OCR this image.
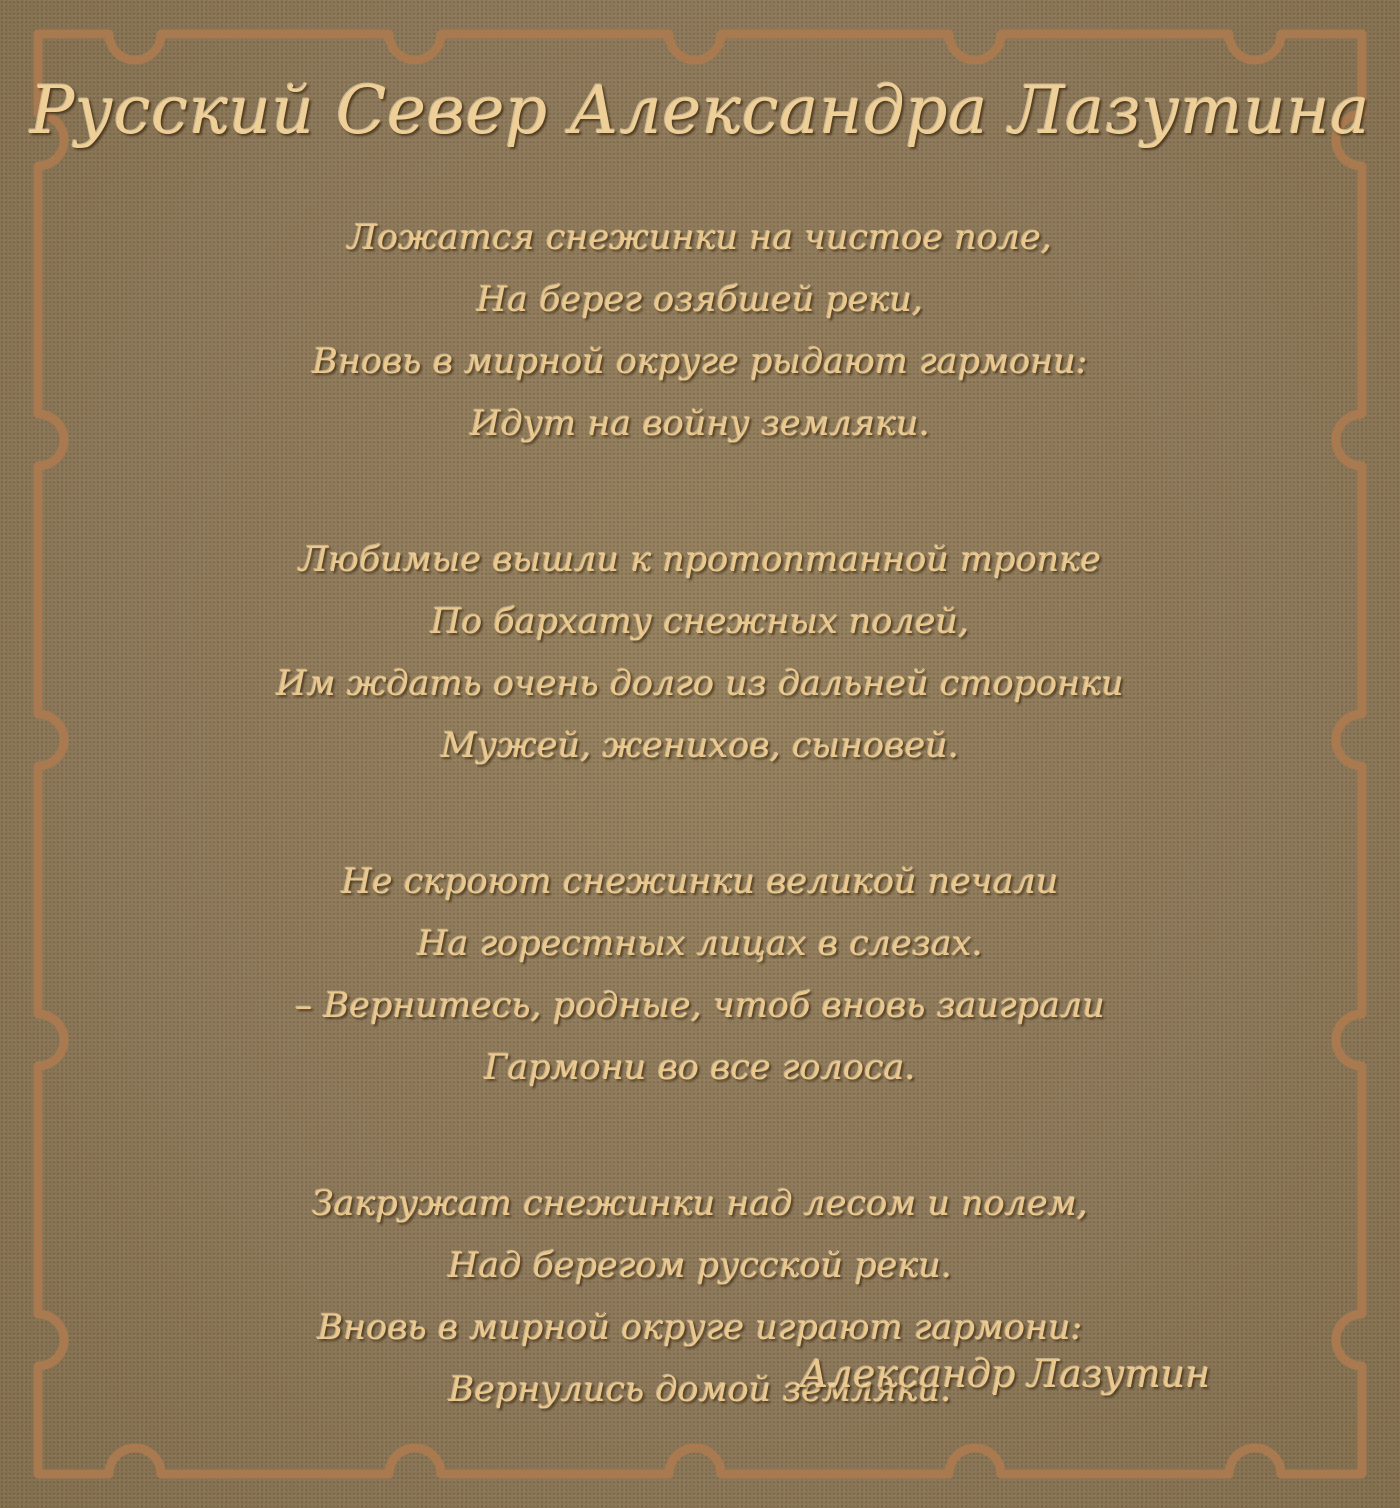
Русский Север Александра Лазутина
Ложатся снежинки на чистое поле,
На берег озябшей реки,
Вновь в мирной округе рыдают гармони:
Идут на войну земляки.
Любимые вышли к протоптанной тропке
По бархату снежных полей,
Им ждать очень долго из дальней сторонки
Мужей, женихов, сыновей.
Не скроют снежинки великой печали
На горестных лицах в слезах.
– Вернитесь, родные, чтоб вновь заиграли
Гармони во все голоса.
Закружат снежинки над лесом и полем,
Над берегом русской реки.
Вновь в мирной округе играют гармони:
Вернулись домой земляки.
Александр Лазутин
